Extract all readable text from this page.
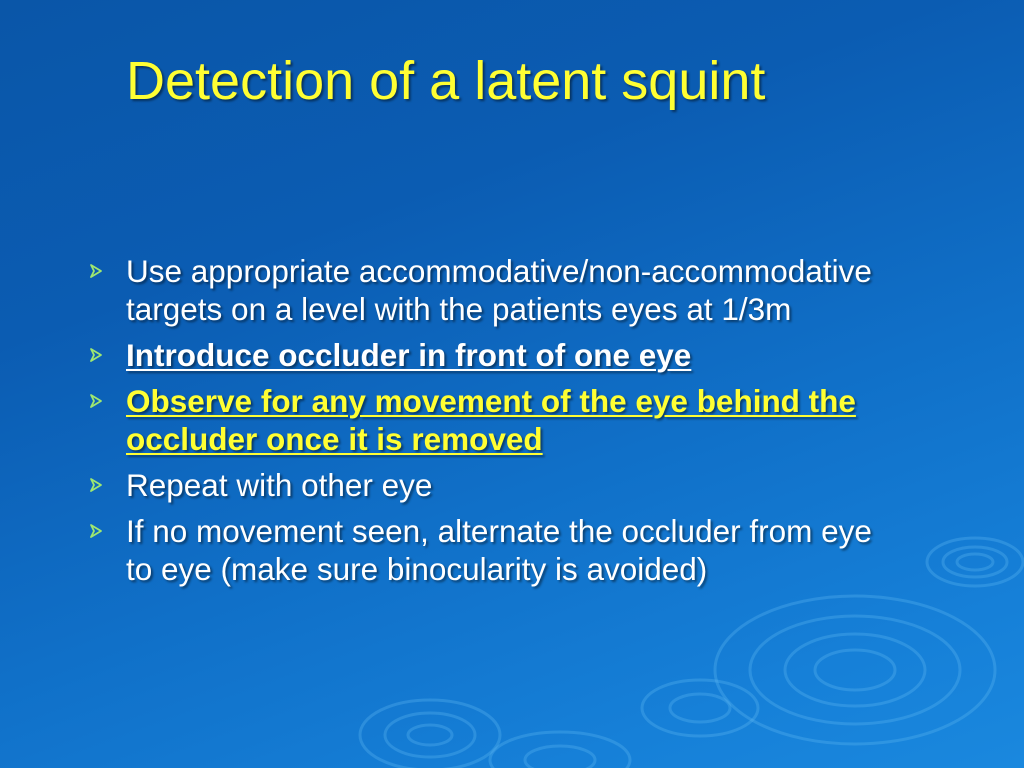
Detection of a latent squint
Use appropriate accommodative/non-accommodative targets on a level with the patients eyes at 1/3m
Introduce occluder in front of one eye
Observe for any movement of the eye behind the occluder once it is removed
Repeat with other eye
If no movement seen, alternate the occluder from eye to eye (make sure binocularity is avoided)
